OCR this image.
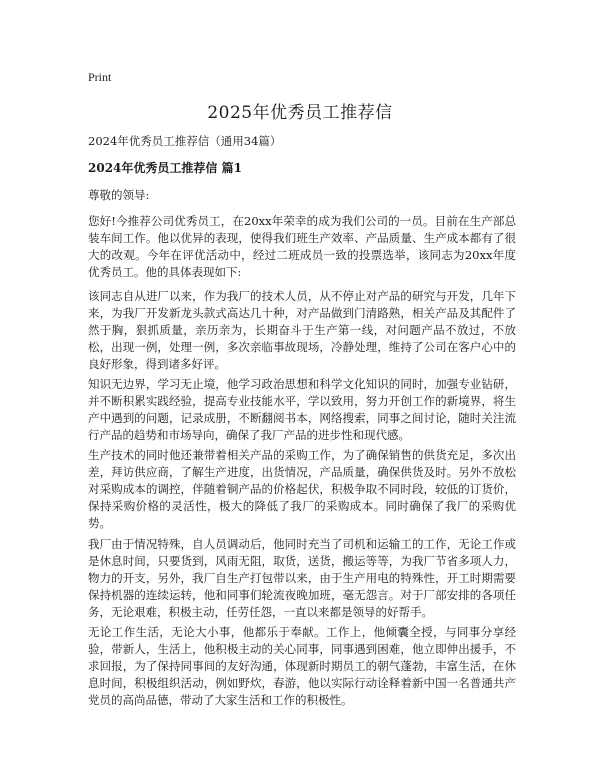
Print
2025年优秀员工推荐信
2024年优秀员工推荐信（通用34篇）
2024年优秀员工推荐信 篇1
尊敬的领导:

您好!今推荐公司优秀员工，在20xx年荣幸的成为我们公司的一员。目前在生产部总装车间工作。他以优异的表现，使得我们班生产效率、产品质量、生产成本都有了很大的改观。今年在评优活动中，经过二班成员一致的投票选举，该同志为20xx年度优秀员工。他的具体表现如下:

该同志自从进厂以来，作为我厂的技术人员，从不停止对产品的研究与开发，几年下来，为我厂开发新龙头款式高达几十种，对产品做到门清路熟，相关产品及其配件了然于胸，狠抓质量，亲历亲为，长期奋斗于生产第一线，对问题产品不放过，不放松，出现一例，处理一例，多次亲临事故现场，冷静处理，维持了公司在客户心中的良好形象，得到诸多好评。

知识无边界，学习无止境，他学习政治思想和科学文化知识的同时，加强专业钻研，并不断积累实践经验，提高专业技能水平，学以致用，努力开创工作的新境界，将生产中遇到的问题，记录成册，不断翻阅书本，网络搜索，同事之间讨论，随时关注流行产品的趋势和市场导向，确保了我厂产品的进步性和现代感。

生产技术的同时他还兼带着相关产品的采购工作，为了确保销售的供货充足，多次出差，拜访供应商，了解生产进度，出货情况，产品质量，确保供货及时。另外不放松对采购成本的调控，伴随着铜产品的价格起伏，积极争取不同时段，较低的订货价，保持采购价格的灵活性，极大的降低了我厂的采购成本。同时确保了我厂的采购优势。

我厂由于情况特殊，自人员调动后，他同时充当了司机和运输工的工作，无论工作或是休息时间，只要货到，风雨无阻，取货，送货，搬运等等，为我厂节省多项人力，物力的开支，另外，我厂自生产打包带以来，由于生产用电的特殊性，开工时期需要保持机器的连续运转，他和同事们轮流夜晚加班，毫无怨言。对于厂部安排的各项任务，无论艰难，积极主动，任劳任怨，一直以来都是领导的好帮手。

无论工作生活，无论大小事，他都乐于奉献。工作上，他倾囊全授，与同事分享经验，带新人，生活上，他积极主动的关心同事，同事遇到困难，他立即伸出援手，不求回报，为了保持同事间的友好沟通，体现新时期员工的朝气蓬勃，丰富生活，在休息时间，积极组织活动，例如野炊，春游，他以实际行动诠释着新中国一名普通共产党员的高尚品德，带动了大家生活和工作的积极性。
